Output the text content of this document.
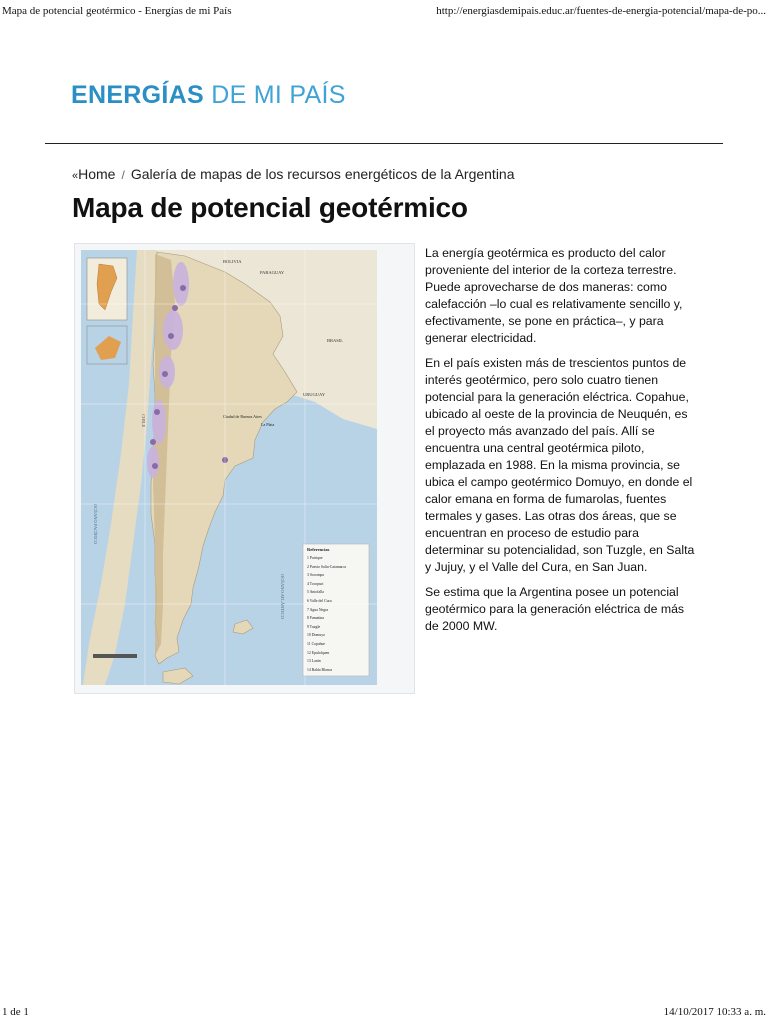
Mapa de potencial geotérmico - Energías de mi País	http://energiasdemipais.educ.ar/fuentes-de-energia-potencial/mapa-de-po...
ENERGÍAS DE MI PAÍS
«Home / Galería de mapas de los recursos energéticos de la Argentina
Mapa de potencial geotérmico
BOLIVIA
PARAGUAY
BRASIL
URUGUAY
CHILE
OCÉANO PACÍFICO
OCÉANO ATLÁNTICO
Ciudad de Buenos Aires
La Plata
Referencias
1 Pairique
2 Puesto Salta-Catamarca
3 Socompa
4 Tocopuri
5 Antofalla
6 Valle del Cura
7 Agua Negra
8 Famatina
9 Tuzgle
10 Domuyo
11 Copahue
12 Epulafquen
13 Lanín
14 Bahía Blanca

La energía geotérmica es producto del calor proveniente del interior de la corteza terrestre. Puede aprovecharse de dos maneras: como calefacción –lo cual es relativamente sencillo y, efectivamente, se pone en práctica–, y para generar electricidad.

En el país existen más de trescientos puntos de interés geotérmico, pero solo cuatro tienen potencial para la generación eléctrica. Copahue, ubicado al oeste de la provincia de Neuquén, es el proyecto más avanzado del país. Allí se encuentra una central geotérmica piloto, emplazada en 1988. En la misma provincia, se ubica el campo geotérmico Domuyo, en donde el calor emana en forma de fumarolas, fuentes termales y gases. Las otras dos áreas, que se encuentran en proceso de estudio para determinar su potencialidad, son Tuzgle, en Salta y Jujuy, y el Valle del Cura, en San Juan.

Se estima que la Argentina posee un potencial geotérmico para la generación eléctrica de más de 2000 MW.

1 de 1	14/10/2017 10:33 a. m.
